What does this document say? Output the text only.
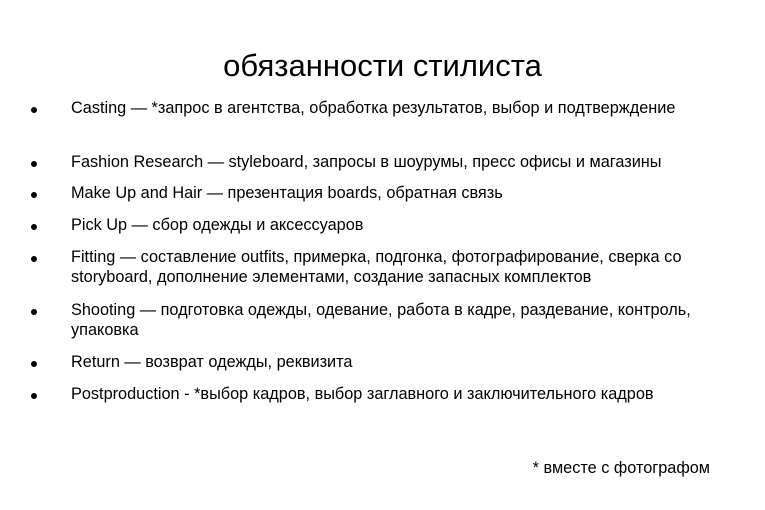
обязанности стилиста

Casting — *запрос в агентства, обработка результатов, выбор и подтверждение

Fashion Research — styleboard, запросы в шоурумы, пресс офисы и магазины

Make Up and Hair — презентация boards, обратная связь

Pick Up — сбор одежды и аксессуаров

Fitting — составление outfits, примерка, подгонка, фотографирование, сверка со storyboard, дополнение элементами, создание запасных комплектов

Shooting — подготовка одежды, одевание, работа в кадре, раздевание, контроль, упаковка

Return — возврат одежды, реквизита

Postproduction - *выбор кадров, выбор заглавного и заключительного кадров

* вместе с фотографом
